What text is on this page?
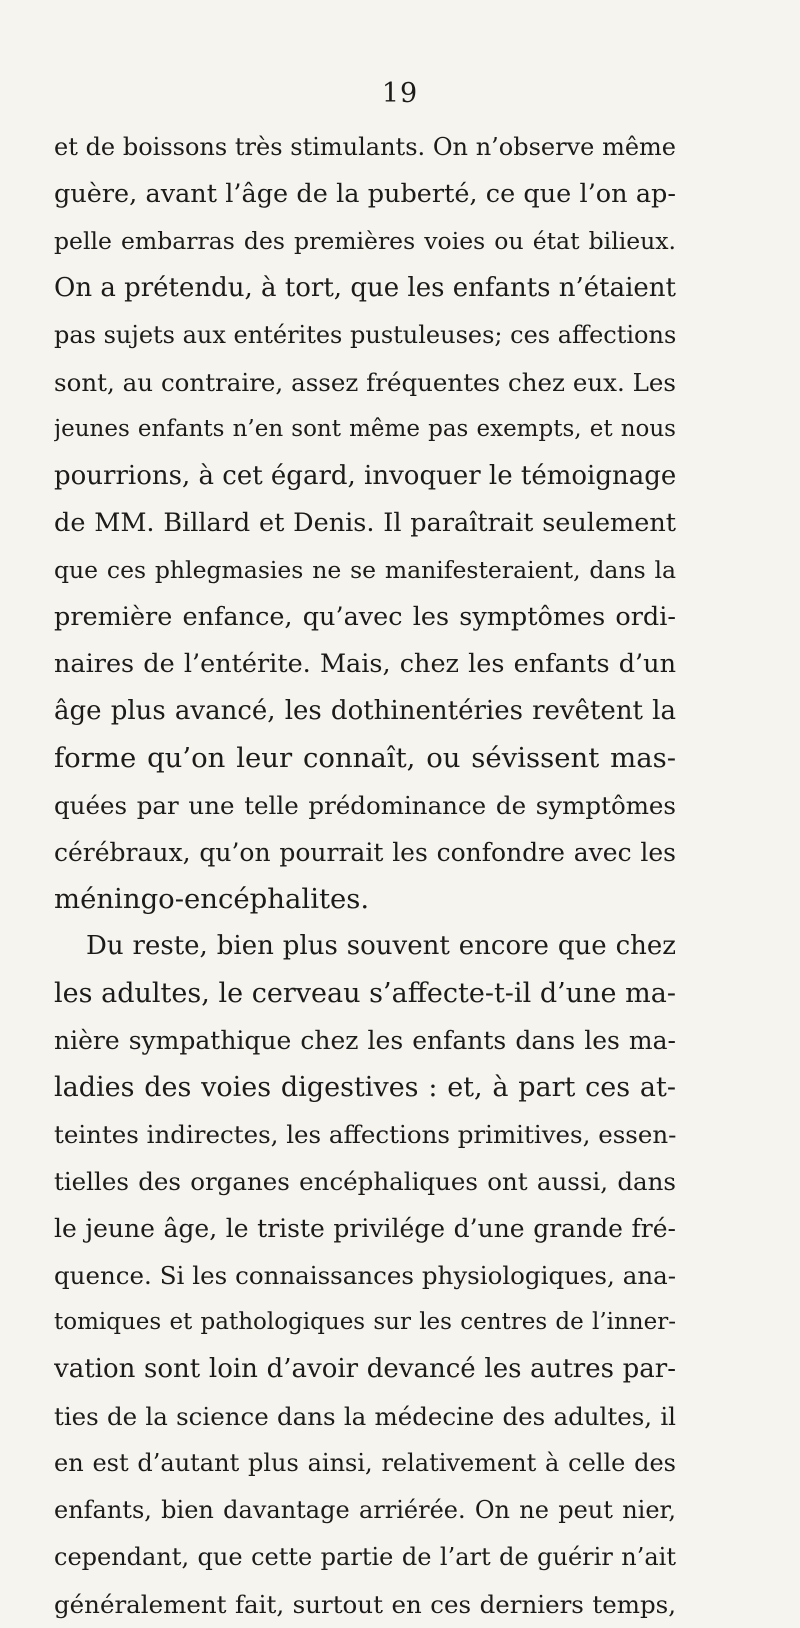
19
et de boissons très stimulants. On n’observe même
guère, avant l’âge de la puberté, ce que l’on ap-
pelle embarras des premières voies ou état bilieux.
On a prétendu, à tort, que les enfants n’étaient
pas sujets aux entérites pustuleuses; ces affections
sont, au contraire, assez fréquentes chez eux. Les
jeunes enfants n’en sont même pas exempts, et nous
pourrions, à cet égard, invoquer le témoignage
de MM. Billard et Denis. Il paraîtrait seulement
que ces phlegmasies ne se manifesteraient, dans la
première enfance, qu’avec les symptômes ordi-
naires de l’entérite. Mais, chez les enfants d’un
âge plus avancé, les dothinentéries revêtent la
forme qu’on leur connaît, ou sévissent mas-
quées par une telle prédominance de symptômes
cérébraux, qu’on pourrait les confondre avec les
méningo-encéphalites.
Du reste, bien plus souvent encore que chez
les adultes, le cerveau s’affecte-t-il d’une ma-
nière sympathique chez les enfants dans les ma-
ladies des voies digestives : et, à part ces at-
teintes indirectes, les affections primitives, essen-
tielles des organes encéphaliques ont aussi, dans
le jeune âge, le triste privilége d’une grande fré-
quence. Si les connaissances physiologiques, ana-
tomiques et pathologiques sur les centres de l’inner-
vation sont loin d’avoir devancé les autres par-
ties de la science dans la médecine des adultes, il
en est d’autant plus ainsi, relativement à celle des
enfants, bien davantage arriérée. On ne peut nier,
cependant, que cette partie de l’art de guérir n’ait
généralement fait, surtout en ces derniers temps,
